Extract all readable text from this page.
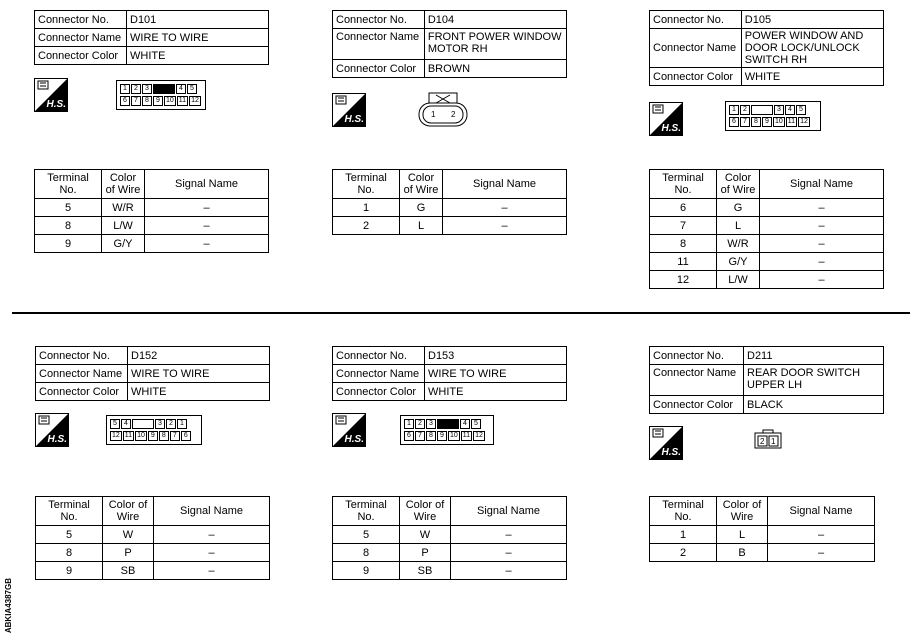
Connector No.	D101
Connector Name	WIRE TO WIRE
Connector Color	WHITE
H.S.
1	2	3	4	5
6	7	8	9 10 11 12
Terminal No.	Color of Wire	Signal Name
5	W/R	–
8	L/W	–
9	G/Y	–
Connector No.	D104
Connector Name	FRONT POWER WINDOW MOTOR RH
Connector Color	BROWN
H.S.	1 2
Terminal No.	Color of Wire	Signal Name
1	G	–
2	L	–
Connector No.	D105
Connector Name	POWER WINDOW AND DOOR LOCK/UNLOCK SWITCH RH
Connector Color	WHITE
H.S.
1	2	3	4	5
6	7	8	9 10 11 12
Terminal No.	Color of Wire	Signal Name
6	G	–
7	L	–
8	W/R	–
11	G/Y	–
12	L/W	–
Connector No.	D152
Connector Name	WIRE TO WIRE
Connector Color	WHITE
H.S.
5	4	3	2	1
12 11 10 9	8	7	6
Terminal No.	Color of Wire	Signal Name
5	W	–
8	P	–
9	SB	–
Connector No.	D153
Connector Name	WIRE TO WIRE
Connector Color	WHITE
H.S.
1	2	3	4	5
6	7	8	9 10 11 12
Terminal No.	Color of Wire	Signal Name
5	W	–
8	P	–
9	SB	–
Connector No.	D211
Connector Name	REAR DOOR SWITCH UPPER LH
Connector Color	BLACK
H.S.
2 1
Terminal No.	Color of Wire	Signal Name
1	L	–
2	B	–
ABKIA4387GB
